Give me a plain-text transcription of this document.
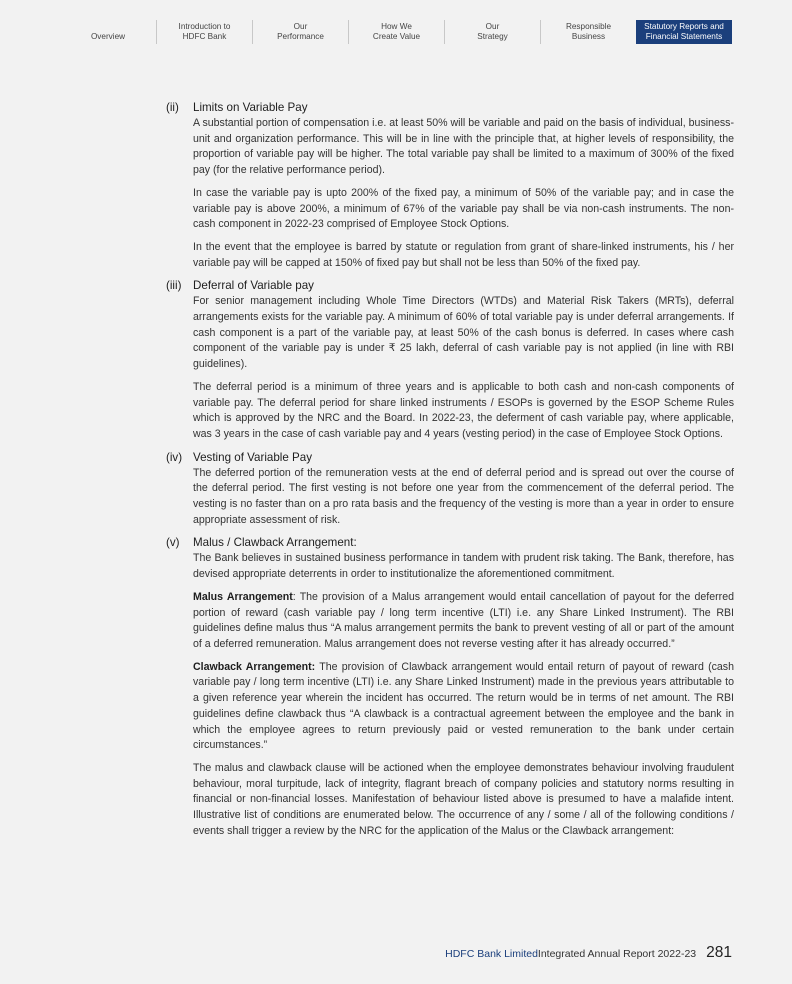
Overview
Introduction to
HDFC Bank
Our
Performance
How We
Create Value
Our
Strategy
Responsible
Business
Statutory Reports and
Financial Statements
(ii)	Limits on Variable Pay

A substantial portion of compensation i.e. at least 50% will be variable and paid on the basis of individual, business-unit and organization performance. This will be in line with the principle that, at higher levels of responsibility, the proportion of variable pay will be higher. The total variable pay shall be limited to a maximum of 300% of the fixed pay (for the relative performance period).

In case the variable pay is upto 200% of the fixed pay, a minimum of 50% of the variable pay; and in case the variable pay is above 200%, a minimum of 67% of the variable pay shall be via non-cash instruments. The non-cash component in 2022-23 comprised of Employee Stock Options.

In the event that the employee is barred by statute or regulation from grant of share-linked instruments, his / her variable pay will be capped at 150% of fixed pay but shall not be less than 50% of the fixed pay.

(iii) Deferral of Variable pay

For senior management including Whole Time Directors (WTDs) and Material Risk Takers (MRTs), deferral arrangements exists for the variable pay. A minimum of 60% of total variable pay is under deferral arrangements. If cash component is a part of the variable pay, at least 50% of the cash bonus is deferred. In cases where cash component of the variable pay is under ₹ 25 lakh, deferral of cash variable pay is not applied (in line with RBI guidelines).

The deferral period is a minimum of three years and is applicable to both cash and non-cash components of variable pay. The deferral period for share linked instruments / ESOPs is governed by the ESOP Scheme Rules which is approved by the NRC and the Board. In 2022-23, the deferment of cash variable pay, where applicable, was 3 years in the case of cash variable pay and 4 years (vesting period) in the case of Employee Stock Options.

(iv) Vesting of Variable Pay

The deferred portion of the remuneration vests at the end of deferral period and is spread out over the course of the deferral period. The first vesting is not before one year from the commencement of the deferral period. The vesting is no faster than on a pro rata basis and the frequency of the vesting is more than a year in order to ensure appropriate assessment of risk.

(v)	Malus / Clawback Arrangement:

The Bank believes in sustained business performance in tandem with prudent risk taking. The Bank, therefore, has devised appropriate deterrents in order to institutionalize the aforementioned commitment.

Malus Arrangement: The provision of a Malus arrangement would entail cancellation of payout for the deferred portion of reward (cash variable pay / long term incentive (LTI) i.e. any Share Linked Instrument). The RBI guidelines define malus thus “A malus arrangement permits the bank to prevent vesting of all or part of the amount of a deferred remuneration. Malus arrangement does not reverse vesting after it has already occurred.”

Clawback Arrangement: The provision of Clawback arrangement would entail return of payout of reward (cash variable pay / long term incentive (LTI) i.e. any Share Linked Instrument) made in the previous years attributable to a given reference year wherein the incident has occurred. The return would be in terms of net amount. The RBI guidelines define clawback thus “A clawback is a contractual agreement between the employee and the bank in which the employee agrees to return previously paid or vested remuneration to the bank under certain circumstances.”

The malus and clawback clause will be actioned when the employee demonstrates behaviour involving fraudulent behaviour, moral turpitude, lack of integrity, flagrant breach of company policies and statutory norms resulting in financial or non-financial losses. Manifestation of behaviour listed above is presumed to have a malafide intent. Illustrative list of conditions are enumerated below. The occurrence of any / some / all of the following conditions / events shall trigger a review by the NRC for the application of the Malus or the Clawback arrangement:

HDFC Bank Limited Integrated Annual Report 2022-23 281
